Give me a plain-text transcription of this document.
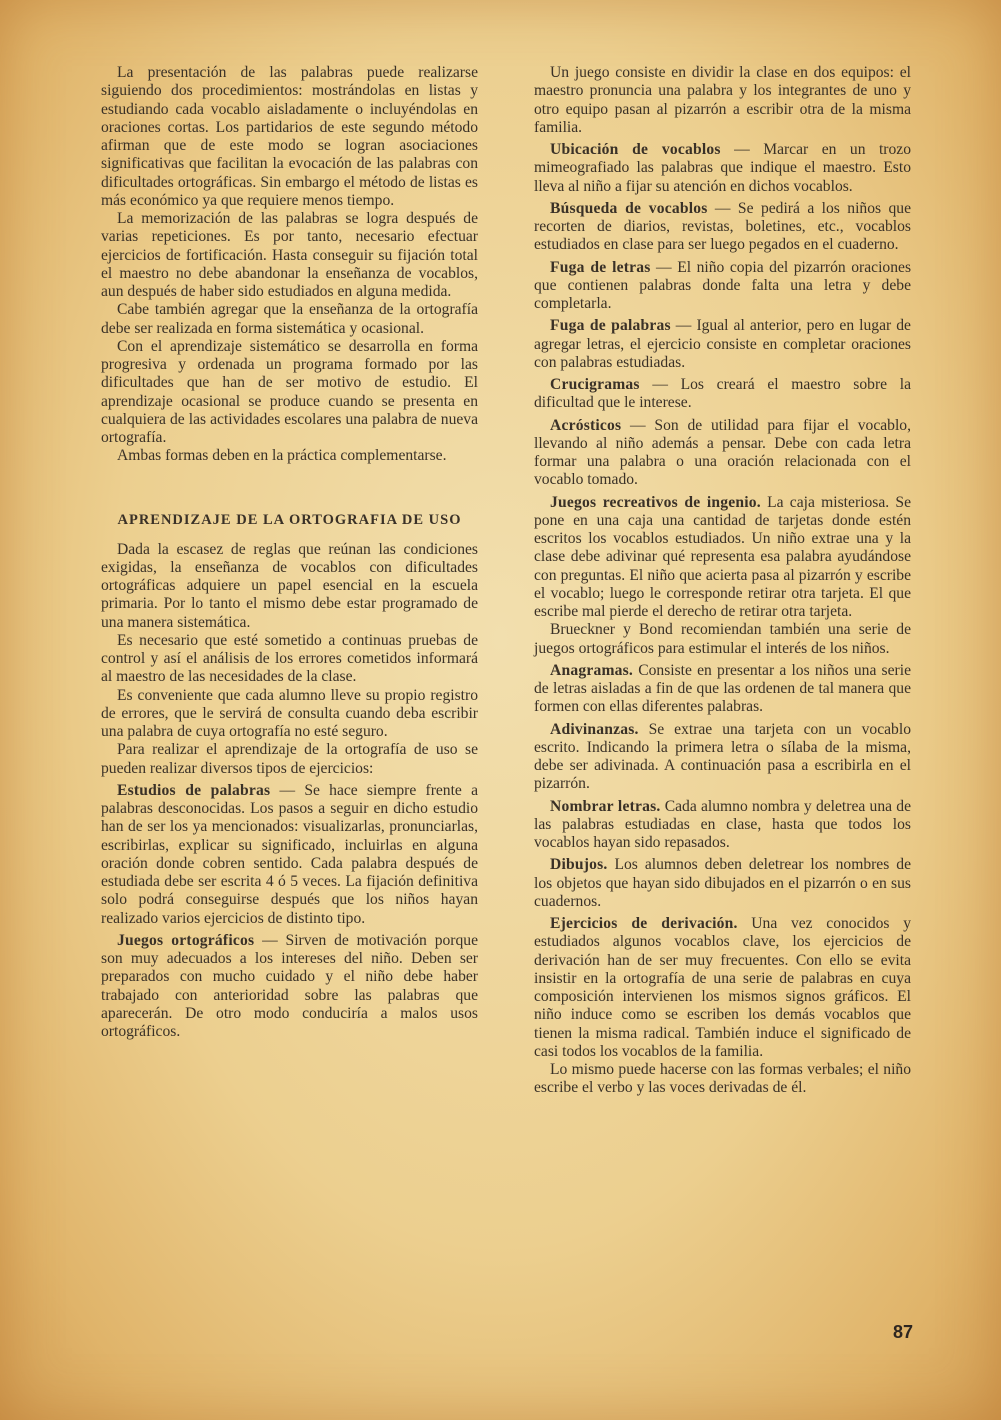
La presentación de las palabras puede realizarse siguiendo dos procedimientos: mostrándolas en listas y estudiando cada vocablo aisladamente o incluyéndolas en oraciones cortas. Los partidarios de este segundo método afirman que de este modo se logran asociaciones significativas que facilitan la evocación de las palabras con dificultades ortográficas. Sin embargo el método de listas es más económico ya que requiere menos tiempo.

La memorización de las palabras se logra después de varias repeticiones. Es por tanto, necesario efectuar ejercicios de fortificación. Hasta conseguir su fijación total el maestro no debe abandonar la enseñanza de vocablos, aun después de haber sido estudiados en alguna medida.

Cabe también agregar que la enseñanza de la ortografía debe ser realizada en forma sistemática y ocasional.

Con el aprendizaje sistemático se desarrolla en forma progresiva y ordenada un programa formado por las dificultades que han de ser motivo de estudio. El aprendizaje ocasional se produce cuando se presenta en cualquiera de las actividades escolares una palabra de nueva ortografía.

Ambas formas deben en la práctica complementarse.

APRENDIZAJE DE LA ORTOGRAFIA DE USO

Dada la escasez de reglas que reúnan las condiciones exigidas, la enseñanza de vocablos con dificultades ortográficas adquiere un papel esencial en la escuela primaria. Por lo tanto el mismo debe estar programado de una manera sistemática.

Es necesario que esté sometido a continuas pruebas de control y así el análisis de los errores cometidos informará al maestro de las necesidades de la clase.

Es conveniente que cada alumno lleve su propio registro de errores, que le servirá de consulta cuando deba escribir una palabra de cuya ortografía no esté seguro.

Para realizar el aprendizaje de la ortografía de uso se pueden realizar diversos tipos de ejercicios:

Estudios de palabras — Se hace siempre frente a palabras desconocidas. Los pasos a seguir en dicho estudio han de ser los ya mencionados: visualizarlas, pronunciarlas, escribirlas, explicar su significado, incluirlas en alguna oración donde cobren sentido. Cada palabra después de estudiada debe ser escrita 4 ó 5 veces. La fijación definitiva solo podrá conseguirse después que los niños hayan realizado varios ejercicios de distinto tipo.

Juegos ortográficos — Sirven de motivación porque son muy adecuados a los intereses del niño. Deben ser preparados con mucho cuidado y el niño debe haber trabajado con anterioridad sobre las palabras que aparecerán. De otro modo conduciría a malos usos ortográficos.

Un juego consiste en dividir la clase en dos equipos: el maestro pronuncia una palabra y los integrantes de uno y otro equipo pasan al pizarrón a escribir otra de la misma familia.

Ubicación de vocablos — Marcar en un trozo mimeografiado las palabras que indique el maestro. Esto lleva al niño a fijar su atención en dichos vocablos.

Búsqueda de vocablos — Se pedirá a los niños que recorten de diarios, revistas, boletines, etc., vocablos estudiados en clase para ser luego pegados en el cuaderno.

Fuga de letras — El niño copia del pizarrón oraciones que contienen palabras donde falta una letra y debe completarla.

Fuga de palabras — Igual al anterior, pero en lugar de agregar letras, el ejercicio consiste en completar oraciones con palabras estudiadas.

Crucigramas — Los creará el maestro sobre la dificultad que le interese.

Acrósticos — Son de utilidad para fijar el vocablo, llevando al niño además a pensar. Debe con cada letra formar una palabra o una oración relacionada con el vocablo tomado.

Juegos recreativos de ingenio. La caja misteriosa. Se pone en una caja una cantidad de tarjetas donde estén escritos los vocablos estudiados. Un niño extrae una y la clase debe adivinar qué representa esa palabra ayudándose con preguntas. El niño que acierta pasa al pizarrón y escribe el vocablo; luego le corresponde retirar otra tarjeta. El que escribe mal pierde el derecho de retirar otra tarjeta.

Brueckner y Bond recomiendan también una serie de juegos ortográficos para estimular el interés de los niños.

Anagramas. Consiste en presentar a los niños una serie de letras aisladas a fin de que las ordenen de tal manera que formen con ellas diferentes palabras.

Adivinanzas. Se extrae una tarjeta con un vocablo escrito. Indicando la primera letra o sílaba de la misma, debe ser adivinada. A continuación pasa a escribirla en el pizarrón.

Nombrar letras. Cada alumno nombra y deletrea una de las palabras estudiadas en clase, hasta que todos los vocablos hayan sido repasados.

Dibujos. Los alumnos deben deletrear los nombres de los objetos que hayan sido dibujados en el pizarrón o en sus cuadernos.

Ejercicios de derivación. Una vez conocidos y estudiados algunos vocablos clave, los ejercicios de derivación han de ser muy frecuentes. Con ello se evita insistir en la ortografía de una serie de palabras en cuya composición intervienen los mismos signos gráficos. El niño induce como se escriben los demás vocablos que tienen la misma radical. También induce el significado de casi todos los vocablos de la familia.

Lo mismo puede hacerse con las formas verbales; el niño escribe el verbo y las voces derivadas de él.

87
